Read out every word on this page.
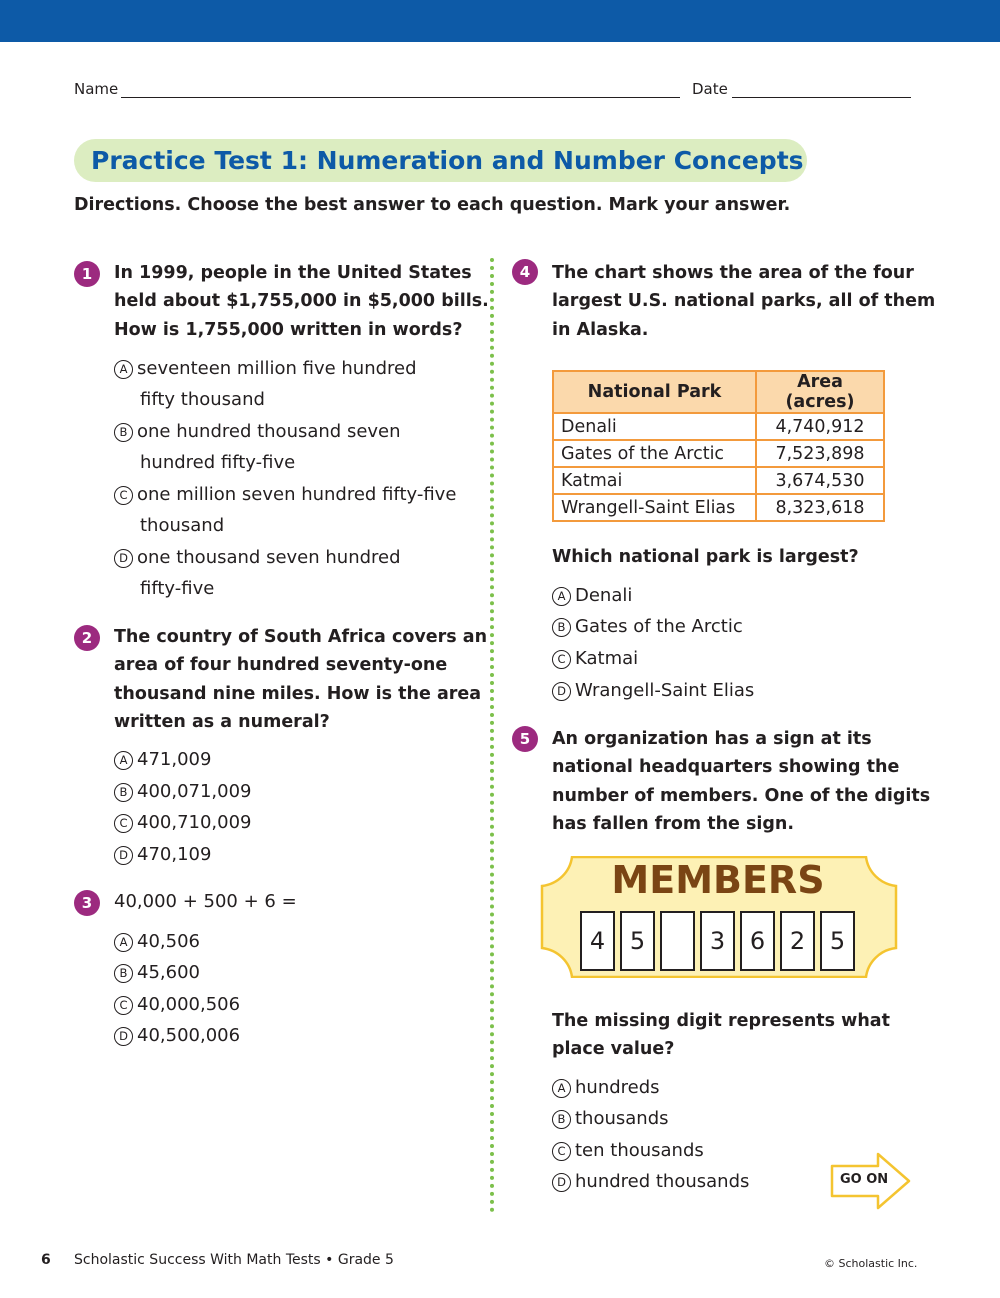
Name	Date
Practice Test 1: Numeration and Number Concepts
Directions. Choose the best answer to each question. Mark your answer.
1	In 1999, people in the United States
held about $1,755,000 in $5,000 bills.
How is 1,755,000 written in words?
A seventeen million five hundred
fifty thousand
B one hundred thousand seven
hundred fifty-five
C one million seven hundred fifty-five
thousand
D one thousand seven hundred
fifty-five
2	The country of South Africa covers an
area of four hundred seventy-one
thousand nine miles. How is the area
written as a numeral?
A 471,009
B 400,071,009
C 400,710,009
D 470,109
3	40,000 + 500 + 6 =
A 40,506
B 45,600
C 40,000,506
D 40,500,006
4	The chart shows the area of the four
largest U.S. national parks, all of them
in Alaska.
National Park	Area (acres)
Denali	4,740,912
Gates of the Arctic	7,523,898
Katmai	3,674,530
Wrangell-Saint Elias	8,323,618
Which national park is largest?
A Denali
B Gates of the Arctic
C Katmai
D Wrangell-Saint Elias
5	An organization has a sign at its
national headquarters showing the
number of members. One of the digits
has fallen from the sign.
MEMBERS
4	5	3	6	2	5
The missing digit represents what
place value?
A hundreds
B thousands
C ten thousands
D hundred thousands	GO ON
6 Scholastic Success With Math Tests • Grade 5	© Scholastic Inc.
